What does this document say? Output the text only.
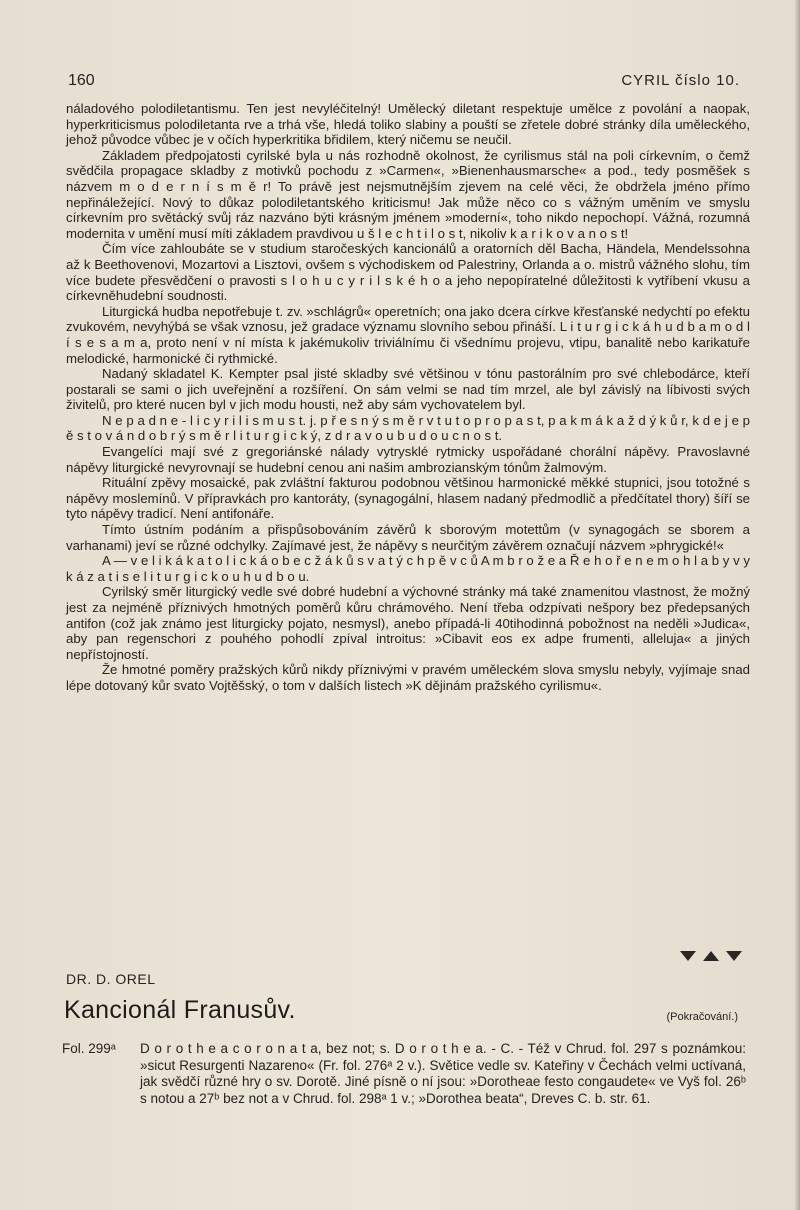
160	CYRIL číslo 10.

náladového polodiletantismu. Ten jest nevyléčitelný! Umělecký diletant respektuje umělce z povolání a naopak, hyperkriticismus polodiletanta rve a trhá vše, hledá toliko slabiny a pouští se zřetele dobré stránky díla uměleckého, jehož původce vůbec je v očích hyperkritika břidilem, který ničemu se neučil.

Základem předpojatosti cyrilské byla u nás rozhodně okolnost, že cyrilismus stál na poli církevním, o čemž svědčila propagace skladby z motivků pochodu z »Carmen«, »Bienenhausmarsche« a pod., tedy posměšek s názvem m o d e r n í s m ě r! To právě jest nejsmutnějším zjevem na celé věci, že obdržela jméno přímo nepřináležející. Nový to důkaz polodiletantského kriticismu! Jak může něco co s vážným uměním ve smyslu církevním pro světácký svůj ráz nazváno býti krásným jménem »moderní«, toho nikdo nepochopí. Vážná, rozumná modernita v umění musí míti základem pravdivou u š l e c h t i l o s t, nikoliv k a r i k o v a n o s t!

Čím více zahloubáte se v studium staročeských kancionálů a oratorních děl Bacha, Händela, Mendelssohna až k Beethovenovi, Mozartovi a Lisztovi, ovšem s východiskem od Palestriny, Orlanda a o. mistrů vážného slohu, tím více budete přesvědčení o pravosti s l o h u c y r i l s k é h o a jeho nepopíratelné důležitosti k vytříbení vkusu a církevněhudební soudnosti.

Liturgická hudba nepotřebuje t. zv. »schlágrů« operetních; ona jako dcera církve křesťanské nedychtí po efektu zvukovém, nevyhýbá se však vznosu, jež gradace významu slovního sebou přináší. L i t u r g i c k á h u d b a m o d l í s e s a m a, proto není v ní místa k jakémukoliv triviálnímu či všednímu projevu, vtipu, banalitě nebo karikatuře melodické, harmonické či rythmické.

Nadaný skladatel K. Kempter psal jisté skladby své většinou v tónu pastorálním pro své chlebodárce, kteří postarali se sami o jich uveřejnění a rozšíření. On sám velmi se nad tím mrzel, ale byl závislý na líbivosti svých živitelů, pro které nucen byl v jich modu housti, než aby sám vychovatelem byl.

N e p a d n e - l i c y r i l i s m u s t. j. p ř e s n ý s m ě r v t u t o p r o p a s t, p a k m á k a ž d ý k ů r, k d e j e p ě s t o v á n d o b r ý s m ě r l i t u r g i c k ý, z d r a v o u b u d o u c n o s t.

Evangelíci mají své z gregoriánské nálady vytrysklé rytmicky uspořádané chorální nápěvy. Pravoslavné nápěvy liturgické nevyrovnají se hudební cenou ani našim ambrozianským tónům žalmovým.

Rituální zpěvy mosaické, pak zvláštní fakturou podobnou většinou harmonické měkké stupnici, jsou totožné s nápěvy moslemínů. V přípravkách pro kantoráty, (synagogální, hlasem nadaný předmodlič a předčítatel thory) šíří se tyto nápěvy tradicí. Není antifonáře.

Tímto ústním podáním a přispůsobováním závěrů k sborovým motettům (v synagogách se sborem a varhanami) jeví se různé odchylky. Zajímavé jest, že nápěvy s neurčitým závěrem označují názvem »phrygické!«

A — v e l i k á k a t o l i c k á o b e c ž á k ů s v a t ý c h p ě v c ů A m b r o ž e a Ř e h o ř e n e m o h l a b y v y k á z a t i s e l i t u r g i c k o u h u d b o u.

Cyrilský směr liturgický vedle své dobré hudební a výchovné stránky má také znamenitou vlastnost, že možný jest za nejméně příznivých hmotných poměrů kůru chrámového. Není třeba odzpívati nešpory bez předepsaných antifon (což jak známo jest liturgicky pojato, nesmysl), anebo případá-li 40tihodinná pobožnost na neděli »Judica«, aby pan regenschori z pouhého pohodlí zpíval introitus: »Cibavit eos ex adpe frumenti, alleluja« a jiných nepřístojností.

Že hmotné poměry pražských kůrů nikdy příznivými v pravém uměleckém slova smyslu nebyly, vyjímaje snad lépe dotovaný kůr svato Vojtěšský, o tom v dalších listech »K dějinám pražského cyrilismu«.

DR. D. OREL
Kancionál Franusův.	(Pokračování.)
Fol. 299ᵃ D o r o t h e a c o r o n a t a, bez not; s. D o r o t h e a. - C. - Též v Chrud. fol. 297 s poznámkou: »sicut Resurgenti Nazareno« (Fr. fol. 276ᵃ 2 v.). Světice vedle sv. Kateřiny v Čechách velmi uctívaná, jak svědčí různé hry o sv. Dorotě. Jiné písně o ní jsou: »Dorotheae festo congaudete« ve Vyš fol. 26ᵇ s notou a 27ᵇ bez not a v Chrud. fol. 298ᵃ 1 v.; »Dorothea beata“, Dreves C. b. str. 61.
